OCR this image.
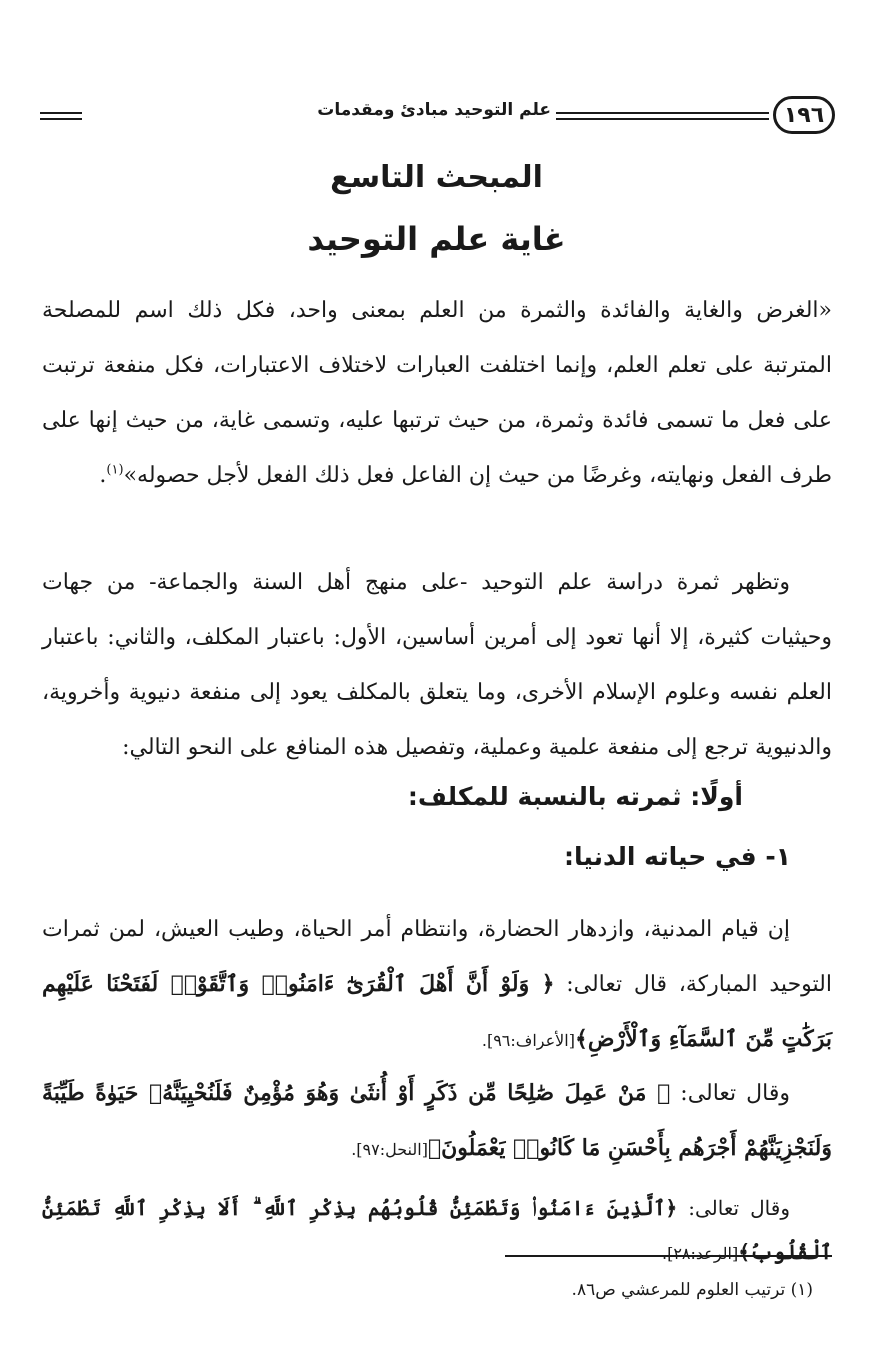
١٩٦
علم التوحيد مبادئ ومقدمات
المبحث التاسع
غاية علم التوحيد
«الغرض والغاية والفائدة والثمرة من العلم بمعنى واحد، فكل ذلك اسم للمصلحة المترتبة على تعلم العلم، وإنما اختلفت العبارات لاختلاف الاعتبارات، فكل منفعة ترتبت على فعل ما تسمى فائدة وثمرة، من حيث ترتبها عليه، وتسمى غاية، من حيث إنها على طرف الفعل ونهايته، وغرضًا من حيث إن الفاعل فعل ذلك الفعل لأجل حصوله»$^{(١)}$.
وتظهر ثمرة دراسة علم التوحيد -على منهج أهل السنة والجماعة- من جهات وحيثيات كثيرة، إلا أنها تعود إلى أمرين أساسين، الأول: باعتبار المكلف، والثاني: باعتبار العلم نفسه وعلوم الإسلام الأخرى، وما يتعلق بالمكلف يعود إلى منفعة دنيوية وأخروية، والدنيوية ترجع إلى منفعة علمية وعملية، وتفصيل هذه المنافع على النحو التالي:
أولًا: ثمرته بالنسبة للمكلف:
١- في حياته الدنيا:
إن قيام المدنية، وازدهار الحضارة، وانتظام أمر الحياة، وطيب العيش، لمن ثمرات التوحيد المباركة، قال تعالى: ﴿ وَلَوْ أَنَّ أَهْلَ ٱلْقُرَىٰٓ ءَامَنُوا۟ وَٱتَّقَوْا۟ لَفَتَحْنَا عَلَيْهِم بَرَكَٰتٍ مِّنَ ٱلسَّمَآءِ وَٱلْأَرْضِ﴾[الأعراف:٩٦].
وقال تعالى: ﴿ مَنْ عَمِلَ صَٰلِحًا مِّن ذَكَرٍ أَوْ أُنثَىٰ وَهُوَ مُؤْمِنٌ فَلَنُحْيِيَنَّهُۥ حَيَوٰةً طَيِّبَةً وَلَنَجْزِيَنَّهُمْ أَجْرَهُم بِأَحْسَنِ مَا كَانُوا۟ يَعْمَلُونَ﴾[النحل:٩٧].
وقال تعالى: ﴿ٱلَّذِينَ ءَامَنُوا۟ وَتَطْمَئِنُّ قُلُوبُهُم بِذِكْرِ ٱللَّهِ ۗ أَلَا بِذِكْرِ ٱللَّهِ تَطْمَئِنُّ ٱلْقُلُوبُ﴾[الرعد:٢٨].
(١) ترتيب العلوم للمرعشي ص٨٦.
